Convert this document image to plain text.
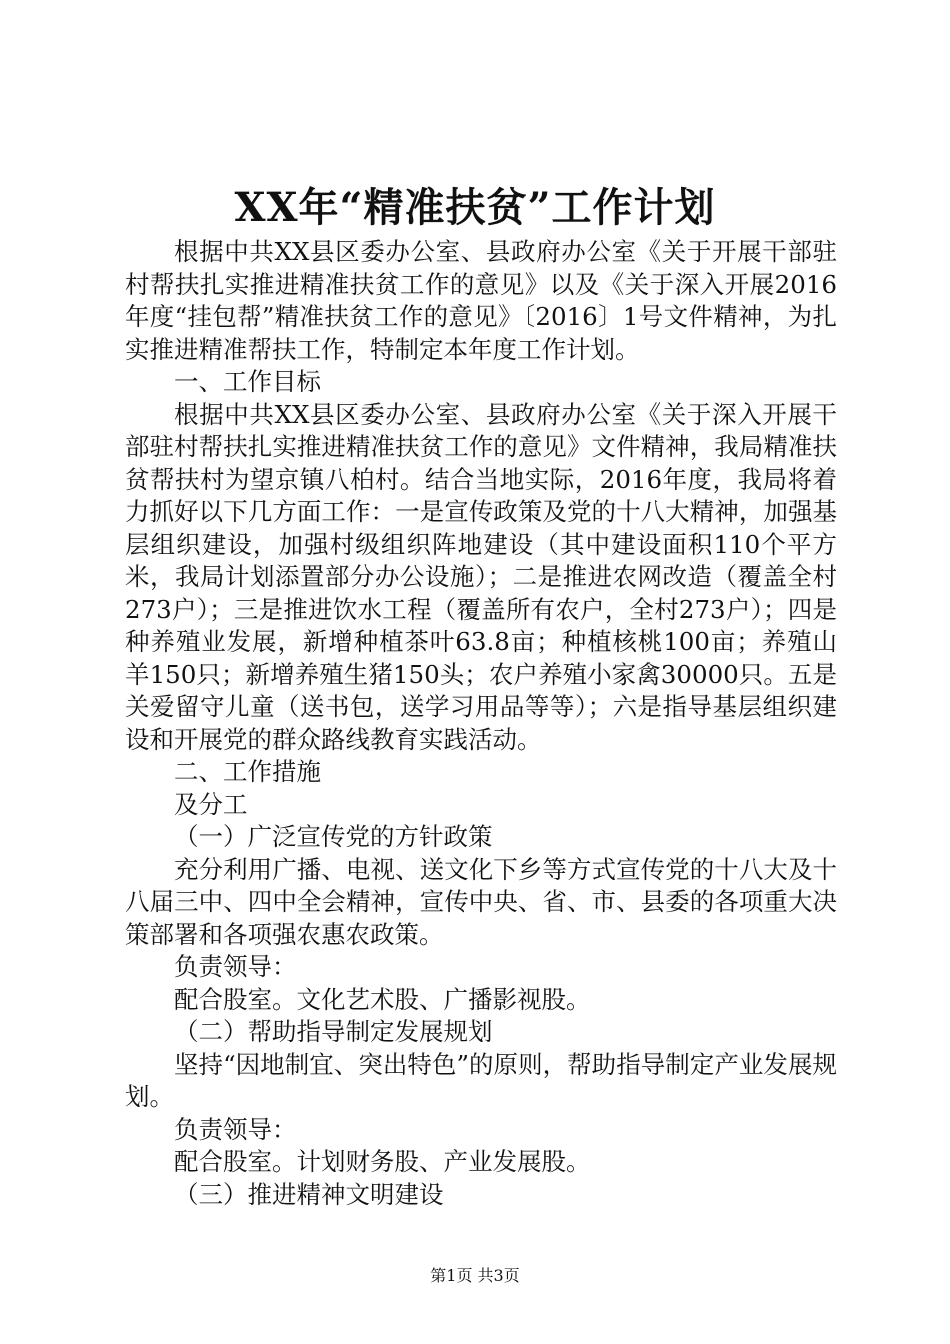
XX年“精准扶贫”工作计划

根据中共XX县区委办公室、县政府办公室《关于开展干部驻村帮扶扎实推进精准扶贫工作的意见》以及《关于深入开展2016年度“挂包帮”精准扶贫工作的意见》〔2016〕1号文件精神，为扎实推进精准帮扶工作，特制定本年度工作计划。

一、工作目标

根据中共XX县区委办公室、县政府办公室《关于深入开展干部驻村帮扶扎实推进精准扶贫工作的意见》文件精神，我局精准扶贫帮扶村为望京镇八柏村。结合当地实际，2016年度，我局将着力抓好以下几方面工作：一是宣传政策及党的十八大精神，加强基层组织建设，加强村级组织阵地建设（其中建设面积110个平方米，我局计划添置部分办公设施）；二是推进农网改造（覆盖全村273户）；三是推进饮水工程（覆盖所有农户，全村273户）；四是种养殖业发展，新增种植茶叶63.8亩；种植核桃100亩；养殖山羊150只；新增养殖生猪150头；农户养殖小家禽30000只。五是关爱留守儿童（送书包，送学习用品等等）；六是指导基层组织建设和开展党的群众路线教育实践活动。

二、工作措施

及分工

（一）广泛宣传党的方针政策

充分利用广播、电视、送文化下乡等方式宣传党的十八大及十八届三中、四中全会精神，宣传中央、省、市、县委的各项重大决策部署和各项强农惠农政策。

负责领导：

配合股室。文化艺术股、广播影视股。

（二）帮助指导制定发展规划

坚持“因地制宜、突出特色”的原则，帮助指导制定产业发展规划。

负责领导：

配合股室。计划财务股、产业发展股。

（三）推进精神文明建设

第1页 共3页
